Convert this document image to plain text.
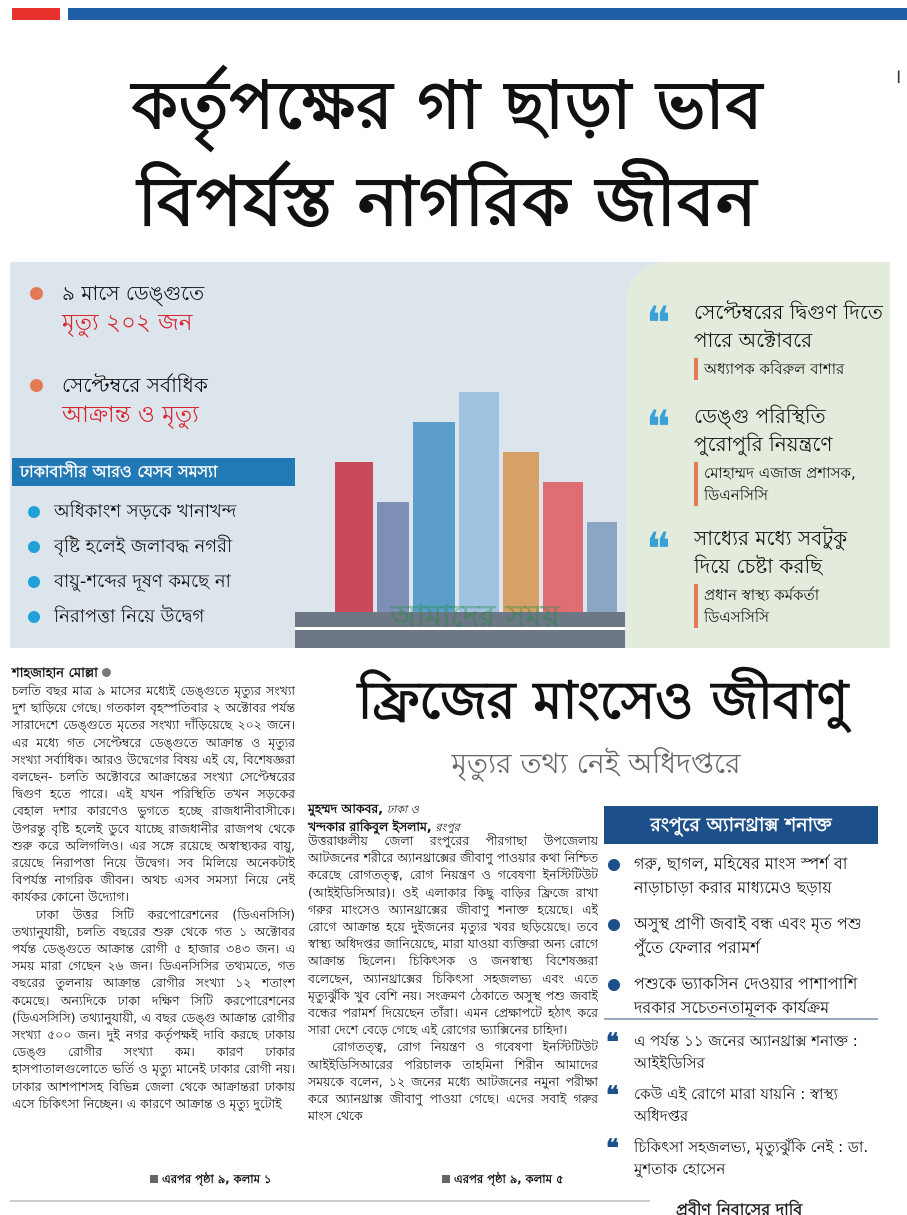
।
কর্তৃপক্ষের গা ছাড়া ভাব
বিপর্যস্ত নাগরিক জীবন
৯ মাসে ডেঙ্গুতে
মৃত্যু ২০২ জন
সেপ্টেম্বরে সর্বাধিক
আক্রান্ত ও মৃত্যু
ঢাকাবাসীর আরও যেসব সমস্যা
অধিকাংশ সড়কে খানাখন্দ
বৃষ্টি হলেই জলাবদ্ধ নগরী
বায়ু-শব্দের দূষণ কমছে না
নিরাপত্তা নিয়ে উদ্বেগ	আমাদের সময়
❝	সেপ্টেম্বরের দ্বিগুণ দিতে পারে অক্টোবরে
অধ্যাপক কবিরুল বাশার
❝	ডেঙ্গু পরিস্থিতি পুরোপুরি নিয়ন্ত্রণে
মোহাম্মদ এজাজ প্রশাসক, ডিএনসিসি
❝	সাধ্যের মধ্যে সবটুকু দিয়ে চেষ্টা করছি
প্রধান স্বাস্থ্য কর্মকর্তা ডিএসসিসি
শাহজাহান মোল্লা

চলতি বছর মাত্র ৯ মাসের মধ্যেই ডেঙ্গুতে মৃত্যুর সংখ্যা দুশ ছাড়িয়ে গেছে। গতকাল বৃহস্পতিবার ২ অক্টোবর পর্যন্ত সারাদেশে ডেঙ্গুতে মৃতের সংখ্যা দাঁড়িয়েছে ২০২ জনে। এর মধ্যে গত সেপ্টেম্বরে ডেঙ্গুতে আক্রান্ত ও মৃত্যুর সংখ্যা সর্বাধিক। আরও উদ্বেগের বিষয় এই যে, বিশেষজ্ঞরা বলছেন- চলতি অক্টোবরে আক্রান্তের সংখ্যা সেপ্টেম্বরের দ্বিগুণ হতে পারে। এই যখন পরিস্থিতি তখন সড়কের বেহাল দশার কারণেও ভুগতে হচ্ছে রাজধানীবাসীকে। উপরন্তু বৃষ্টি হলেই ডুবে যাচ্ছে রাজধানীর রাজপথ থেকে শুরু করে অলিগলিও। এর সঙ্গে রয়েছে অস্বাস্থ্যকর বায়ু, রয়েছে নিরাপত্তা নিয়ে উদ্বেগ। সব মিলিয়ে অনেকটাই বিপর্যস্ত নাগরিক জীবন। অথচ এসব সমস্যা নিয়ে নেই কার্যকর কোনো উদ্যোগ।

ঢাকা উত্তর সিটি করপোরেশনের (ডিএনসিসি) তথ্যানুযায়ী, চলতি বছরের শুরু থেকে গত ১ অক্টোবর পর্যন্ত ডেঙ্গুতে আক্রান্ত রোগী ৫ হাজার ৩৪৩ জন। এ সময় মারা গেছেন ২৬ জন। ডিএনসিসির তথ্যমতে, গত বছরের তুলনায় আক্রান্ত রোগীর সংখ্যা ১২ শতাংশ কমেছে। অন্যদিকে ঢাকা দক্ষিণ সিটি করপোরেশনের (ডিএসসিসি) তথ্যানুযায়ী, এ বছর ডেঙ্গু আক্রান্ত রোগীর সংখ্যা ৫০০ জন। দুই নগর কর্তৃপক্ষই দাবি করছে ঢাকায় ডেঙ্গু রোগীর সংখ্যা কম। কারণ ঢাকার হাসপাতালগুলোতে ভর্তি ও মৃত্যু মানেই ঢাকার রোগী নয়। ঢাকার আশপাশসহ বিভিন্ন জেলা থেকে আক্রান্তরা ঢাকায় এসে চিকিৎসা নিচ্ছেন। এ কারণে আক্রান্ত ও মৃত্যু দুটোই

এরপর পৃষ্ঠা ৯, কলাম ১
ফ্রিজের মাংসেও জীবাণু
মৃত্যুর তথ্য নেই অধিদপ্তরে
মুহম্মদ আকবর, ঢাকা ও
খন্দকার রাকিবুল ইসলাম, রংপুর

উত্তরাঞ্চলীয় জেলা রংপুরের পীরগাছা উপজেলায় আটজনের শরীরে অ্যানথ্রাক্সের জীবাণু পাওয়ার কথা নিশ্চিত করেছে রোগতত্ত্ব, রোগ নিয়ন্ত্রণ ও গবেষণা ইনস্টিটিউট (আইইডিসিআর)। ওই এলাকার কিছু বাড়ির ফ্রিজে রাখা গরুর মাংসেও অ্যানথ্রাক্সের জীবাণু শনাক্ত হয়েছে। এই রোগে আক্রান্ত হয়ে দুইজনের মৃত্যুর খবর ছড়িয়েছে। তবে স্বাস্থ্য অধিদপ্তর জানিয়েছে, মারা যাওয়া ব্যক্তিরা অন্য রোগে আক্রান্ত ছিলেন। চিকিৎসক ও জনস্বাস্থ্য বিশেষজ্ঞরা বলেছেন, অ্যানথ্রাক্সের চিকিৎসা সহজলভ্য এবং এতে মৃত্যুঝুঁকি খুব বেশি নয়। সংক্রমণ ঠেকাতে অসুস্থ পশু জবাই বন্ধের পরামর্শ দিয়েছেন তাঁরা। এমন প্রেক্ষাপটে হঠাৎ করে সারা দেশে বেড়ে গেছে এই রোগের ভ্যাক্সিনের চাহিদা।

রোগতত্ত্ব, রোগ নিয়ন্ত্রণ ও গবেষণা ইনস্টিটিউট আইইডিসিআরের পরিচালক তাহমিনা শিরীন আমাদের সময়কে বলেন, ১২ জনের মধ্যে আটজনের নমুনা পরীক্ষা করে অ্যানথ্রাক্স জীবাণু পাওয়া গেছে। এদের সবাই গরুর মাংস থেকে

এরপর পৃষ্ঠা ৯, কলাম ৫
রংপুরে অ্যানথ্রাক্স শনাক্ত
গরু, ছাগল, মহিষের মাংস স্পর্শ বা নাড়াচাড়া করার মাধ্যমেও ছড়ায়
অসুস্থ প্রাণী জবাই বন্ধ এবং মৃত পশু পুঁতে ফেলার পরামর্শ
পশুকে ভ্যাকসিন দেওয়ার পাশাপাশি দরকার সচেতনতামূলক কার্যক্রম
❝ এ পর্যন্ত ১১ জনের অ্যানথ্রাক্স শনাক্ত : আইইডিসির
❝ কেউ এই রোগে মারা যায়নি : স্বাস্থ্য অধিদপ্তর
❝ চিকিৎসা সহজলভ্য, মৃত্যুঝুঁকি নেই : ডা. মুশতাক হোসেন
প্রবীণ নিবাসের দাবি
